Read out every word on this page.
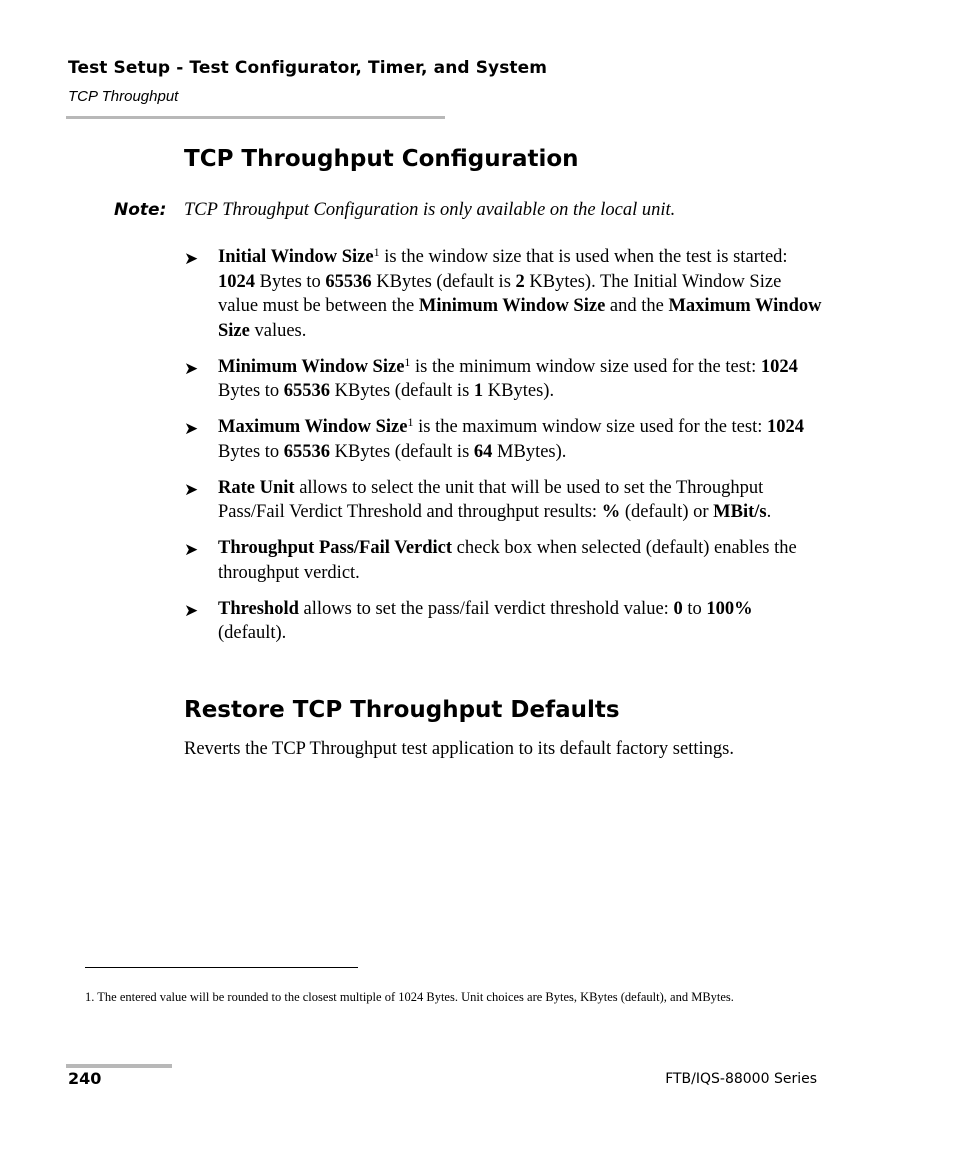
Test Setup - Test Configurator, Timer, and System
TCP Throughput
TCP Throughput Configuration
Note: TCP Throughput Configuration is only available on the local unit.
➤ Initial Window Size$^1$ is the window size that is used when the test is started: 1024 Bytes to 65536 KBytes (default is 2 KBytes). The Initial Window Size value must be between the Minimum Window Size and the Maximum Window Size values.
➤ Minimum Window Size$^1$ is the minimum window size used for the test: 1024 Bytes to 65536 KBytes (default is 1 KBytes).
➤ Maximum Window Size$^1$ is the maximum window size used for the test: 1024 Bytes to 65536 KBytes (default is 64 MBytes).
➤ Rate Unit allows to select the unit that will be used to set the Throughput Pass/Fail Verdict Threshold and throughput results: % (default) or MBit/s.
➤ Throughput Pass/Fail Verdict check box when selected (default) enables the throughput verdict.
➤ Threshold allows to set the pass/fail verdict threshold value: 0 to 100% (default).
Restore TCP Throughput Defaults
Reverts the TCP Throughput test application to its default factory settings.
1. The entered value will be rounded to the closest multiple of 1024 Bytes. Unit choices are Bytes, KBytes (default), and MBytes.
240	FTB/IQS-88000 Series
